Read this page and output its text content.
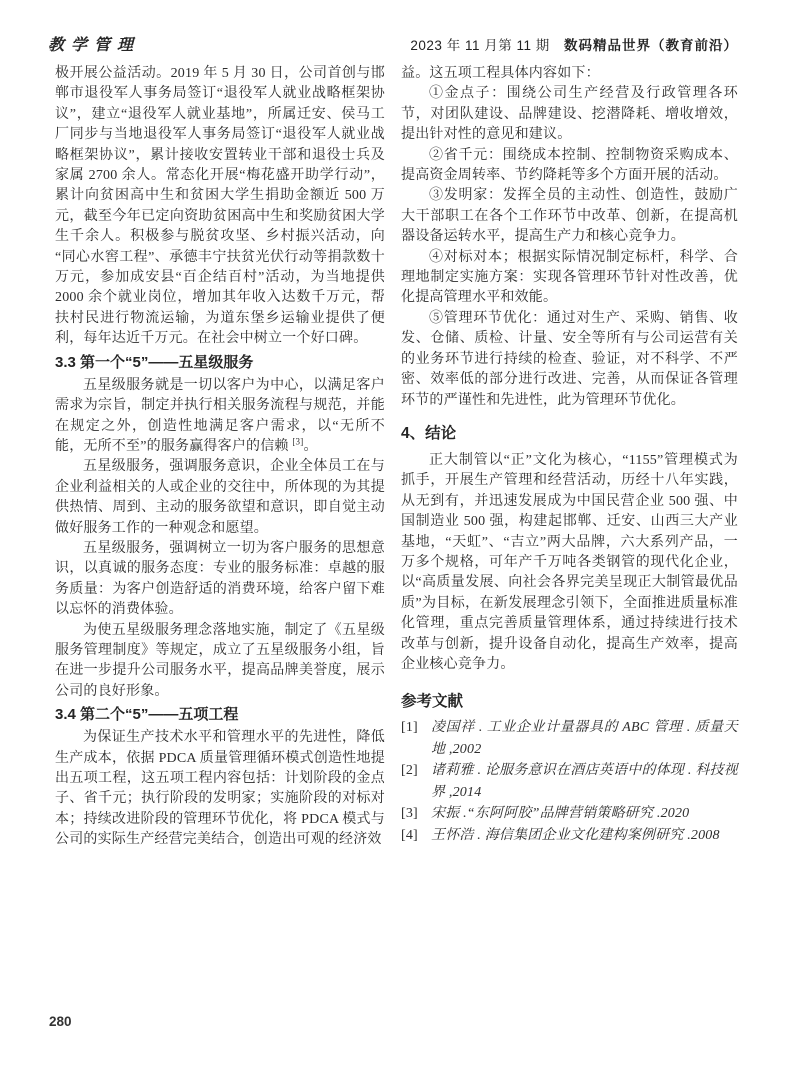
教学管理	2023 年 11 月第 11 期 数码精品世界（教育前沿）

极开展公益活动。2019 年 5 月 30 日，公司首创与邯郸市退役军人事务局签订“退役军人就业战略框架协议”，建立“退役军人就业基地”，所属迁安、侯马工厂同步与当地退役军人事务局签订“退役军人就业战略框架协议”，累计接收安置转业干部和退役士兵及家属 2700 余人。常态化开展“梅花盛开助学行动”，累计向贫困高中生和贫困大学生捐助金额近 500 万元，截至今年已定向资助贫困高中生和奖励贫困大学生千余人。积极参与脱贫攻坚、乡村振兴活动，向“同心水窖工程”、承德丰宁扶贫光伏行动等捐款数十万元，参加成安县“百企结百村”活动，为当地提供 2000 余个就业岗位，增加其年收入达数千万元，帮扶村民进行物流运输，为道东堡乡运输业提供了便利，每年达近千万元。在社会中树立一个好口碑。

3.3 第一个“5”——五星级服务

五星级服务就是一切以客户为中心，以满足客户需求为宗旨，制定并执行相关服务流程与规范，并能在规定之外，创造性地满足客户需求，以“无所不能，无所不至”的服务赢得客户的信赖 [3]。

五星级服务，强调服务意识，企业全体员工在与企业利益相关的人或企业的交往中，所体现的为其提供热情、周到、主动的服务欲望和意识，即自觉主动做好服务工作的一种观念和愿望。

五星级服务，强调树立一切为客户服务的思想意识，以真诚的服务态度：专业的服务标准：卓越的服务质量：为客户创造舒适的消费环境，给客户留下难以忘怀的消费体验。

为使五星级服务理念落地实施，制定了《五星级服务管理制度》等规定，成立了五星级服务小组，旨在进一步提升公司服务水平，提高品牌美誉度，展示公司的良好形象。

3.4 第二个“5”——五项工程

为保证生产技术水平和管理水平的先进性，降低生产成本，依据 PDCA 质量管理循环模式创造性地提出五项工程，这五项工程内容包括：计划阶段的金点子、省千元；执行阶段的发明家；实施阶段的对标对本；持续改进阶段的管理环节优化，将 PDCA 模式与公司的实际生产经营完美结合，创造出可观的经济效

益。这五项工程具体内容如下：

①金点子：围绕公司生产经营及行政管理各环节，对团队建设、品牌建设、挖潜降耗、增收增效，提出针对性的意见和建议。

②省千元：围绕成本控制、控制物资采购成本、提高资金周转率、节约降耗等多个方面开展的活动。

③发明家：发挥全员的主动性、创造性，鼓励广大干部职工在各个工作环节中改革、创新，在提高机器设备运转水平，提高生产力和核心竞争力。

④对标对本；根据实际情况制定标杆，科学、合理地制定实施方案：实现各管理环节针对性改善，优化提高管理水平和效能。

⑤管理环节优化：通过对生产、采购、销售、收发、仓储、质检、计量、安全等所有与公司运营有关的业务环节进行持续的检查、验证，对不科学、不严密、效率低的部分进行改进、完善，从而保证各管理环节的严谨性和先进性，此为管理环节优化。

4、结论

正大制管以“正”文化为核心，“1155”管理模式为抓手，开展生产管理和经营活动，历经十八年实践，从无到有，并迅速发展成为中国民营企业 500 强、中国制造业 500 强，构建起邯郸、迁安、山西三大产业基地，“天虹”、“吉立”两大品牌，六大系列产品，一万多个规格，可年产千万吨各类钢管的现代化企业，以“高质量发展、向社会各界完美呈现正大制管最优品质”为目标，在新发展理念引领下，全面推进质量标准化管理，重点完善质量管理体系，通过持续进行技术改革与创新，提升设备自动化，提高生产效率，提高企业核心竞争力。

参考文献
[1] 凌国祥 . 工业企业计量器具的 ABC 管理 . 质量天地 ,2002
[2] 诸莉雅 . 论服务意识在酒店英语中的体现 . 科技视界 ,2014
[3] 宋振 .“东阿阿胶”品牌营销策略研究 .2020
[4] 王怀浩 . 海信集团企业文化建构案例研究 .2008
280
